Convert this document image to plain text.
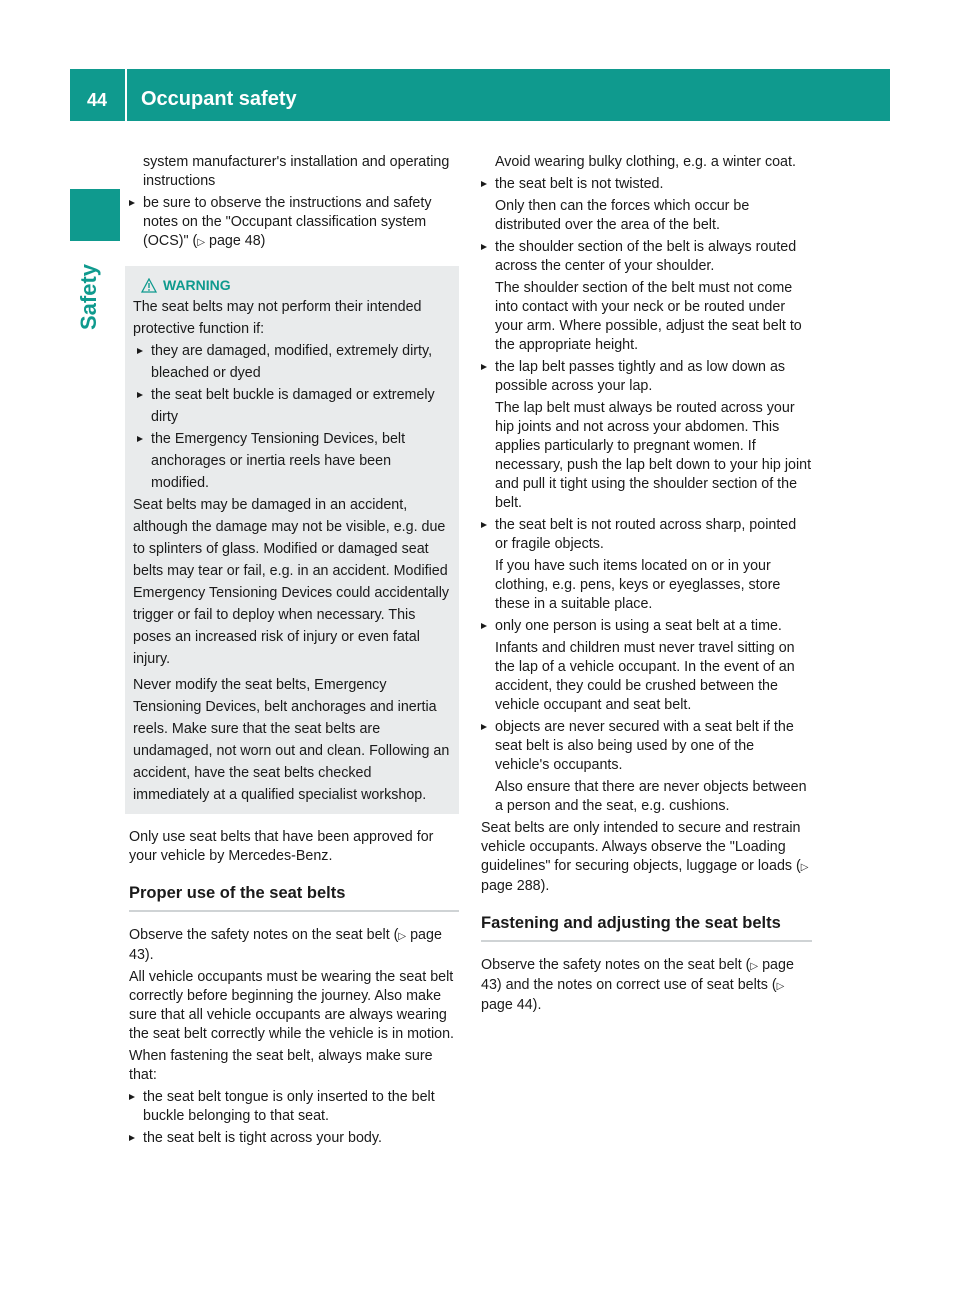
44	Occupant safety
Safety

system manufacturer's installation and operating instructions

be sure to observe the instructions and safety notes on the "Occupant classification system (OCS)" (▷ page 48)
WARNING

The seat belts may not perform their intended protective function if:

they are damaged, modified, extremely dirty, bleached or dyed
the seat belt buckle is damaged or extremely dirty
the Emergency Tensioning Devices, belt anchorages or inertia reels have been modified.

Seat belts may be damaged in an accident, although the damage may not be visible, e.g. due to splinters of glass. Modified or damaged seat belts may tear or fail, e.g. in an accident. Modified Emergency Tensioning Devices could accidentally trigger or fail to deploy when necessary. This poses an increased risk of injury or even fatal injury.

Never modify the seat belts, Emergency Tensioning Devices, belt anchorages and inertia reels. Make sure that the seat belts are undamaged, not worn out and clean. Following an accident, have the seat belts checked immediately at a qualified specialist workshop.

Only use seat belts that have been approved for your vehicle by Mercedes-Benz.

Proper use of the seat belts

Observe the safety notes on the seat belt (▷ page 43).

All vehicle occupants must be wearing the seat belt correctly before beginning the journey. Also make sure that all vehicle occupants are always wearing the seat belt correctly while the vehicle is in motion.

When fastening the seat belt, always make sure that:

the seat belt tongue is only inserted to the belt buckle belonging to that seat.
the seat belt is tight across your body.

Avoid wearing bulky clothing, e.g. a winter coat.

the seat belt is not twisted.

Only then can the forces which occur be distributed over the area of the belt.

the shoulder section of the belt is always routed across the center of your shoulder.

The shoulder section of the belt must not come into contact with your neck or be routed under your arm. Where possible, adjust the seat belt to the appropriate height.

the lap belt passes tightly and as low down as possible across your lap.

The lap belt must always be routed across your hip joints and not across your abdomen. This applies particularly to pregnant women. If necessary, push the lap belt down to your hip joint and pull it tight using the shoulder section of the belt.

the seat belt is not routed across sharp, pointed or fragile objects.

If you have such items located on or in your clothing, e.g. pens, keys or eyeglasses, store these in a suitable place.

only one person is using a seat belt at a time.

Infants and children must never travel sitting on the lap of a vehicle occupant. In the event of an accident, they could be crushed between the vehicle occupant and seat belt.

objects are never secured with a seat belt if the seat belt is also being used by one of the vehicle's occupants.

Also ensure that there are never objects between a person and the seat, e.g. cushions.

Seat belts are only intended to secure and restrain vehicle occupants. Always observe the "Loading guidelines" for securing objects, luggage or loads (▷ page 288).

Fastening and adjusting the seat belts

Observe the safety notes on the seat belt (▷ page 43) and the notes on correct use of seat belts (▷ page 44).
